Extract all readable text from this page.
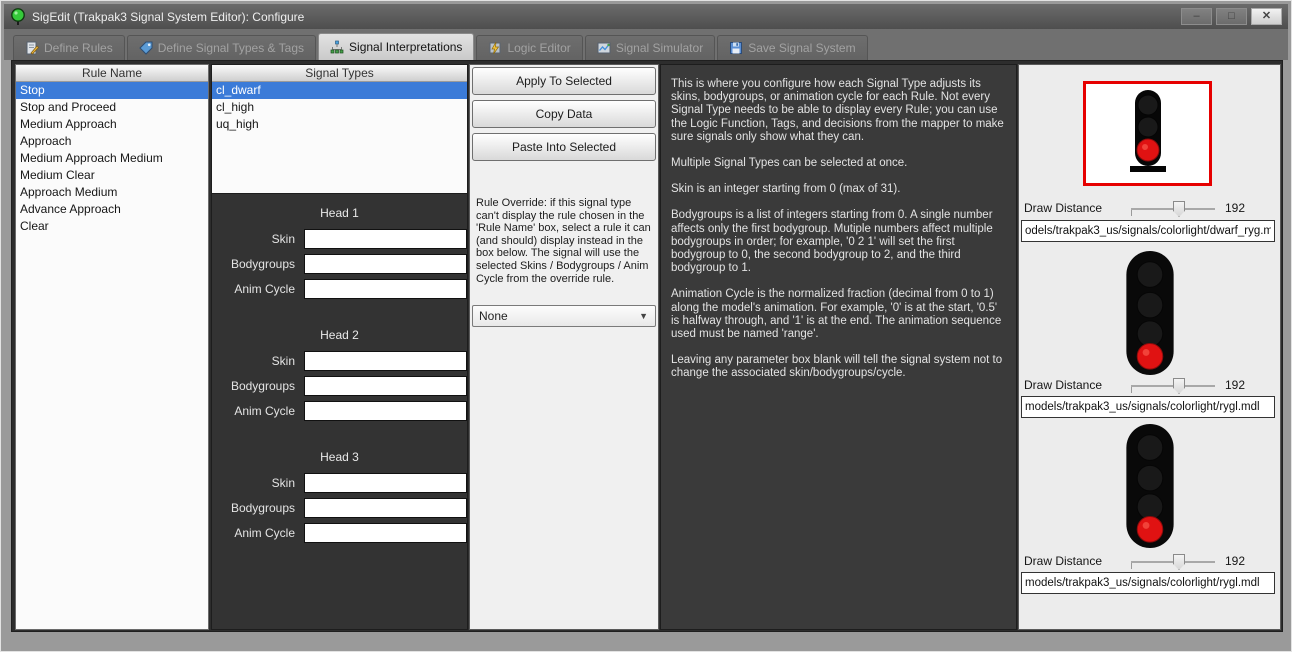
SigEdit (Trakpak3 Signal System Editor): Configure	–	□	✕
Define Rules	Define Signal Types & Tags	Signal Interpretations	Logic Editor	Signal Simulator	Save Signal System
Rule Name
Stop
Stop and Proceed
Medium Approach
Approach
Medium Approach Medium
Medium Clear
Approach Medium
Advance Approach
Clear
Signal Types
cl_dwarf
cl_high
uq_high
Head 1
Skin
Bodygroups
Anim Cycle
Head 2
Skin
Bodygroups
Anim Cycle
Head 3
Skin
Bodygroups
Anim Cycle
Apply To Selected
Copy Data
Paste Into Selected
Rule Override: if this signal type can't display the rule chosen in the 'Rule Name' box, select a rule it can (and should) display instead in the box below. The signal will use the selected Skins / Bodygroups / Anim Cycle from the override rule.
None	▼

This is where you configure how each Signal Type adjusts its skins, bodygroups, or animation cycle for each Rule. Not every Signal Type needs to be able to display every Rule; you can use the Logic Function, Tags, and decisions from the mapper to make sure signals only show what they can.

Multiple Signal Types can be selected at once.

Skin is an integer starting from 0 (max of 31).

Bodygroups is a list of integers starting from 0. A single number affects only the first bodygroup. Mutiple numbers affect multiple bodygroups in order; for example, '0 2 1' will set the first bodygroup to 0, the second bodygroup to 2, and the third bodygroup to 1.

Animation Cycle is the normalized fraction (decimal from 0 to 1) along the model's animation. For example, '0' is at the start, '0.5' is halfway through, and '1' is at the end. The animation sequence used must be named 'range'.

Leaving any parameter box blank will tell the signal system not to change the associated skin/bodygroups/cycle.

Draw Distance	192
odels/trakpak3_us/signals/colorlight/dwarf_ryg.mdl
Draw Distance	192
models/trakpak3_us/signals/colorlight/rygl.mdl
Draw Distance	192
models/trakpak3_us/signals/colorlight/rygl.mdl
